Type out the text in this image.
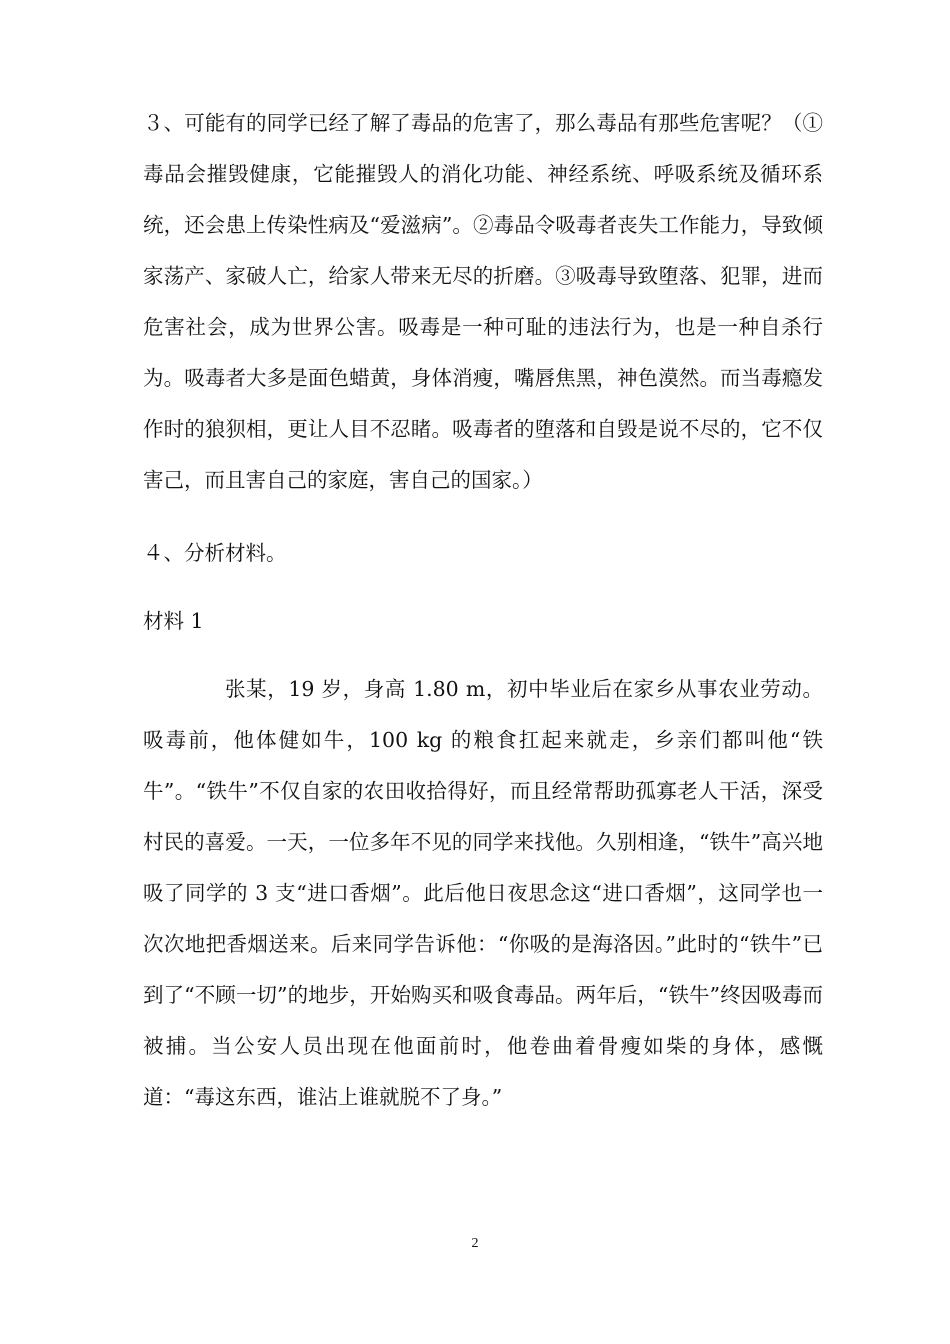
３、可能有的同学已经了解了毒品的危害了，那么毒品有那些危害呢？（①毒品会摧毁健康，它能摧毁人的消化功能、神经系统、呼吸系统及循环系统，还会患上传染性病及“爱滋病”。②毒品令吸毒者丧失工作能力，导致倾家荡产、家破人亡，给家人带来无尽的折磨。③吸毒导致堕落、犯罪，进而危害社会，成为世界公害。吸毒是一种可耻的违法行为，也是一种自杀行为。吸毒者大多是面色蜡黄，身体消瘦，嘴唇焦黑，神色漠然。而当毒瘾发作时的狼狈相，更让人目不忍睹。吸毒者的堕落和自毁是说不尽的，它不仅害己，而且害自己的家庭，害自己的国家。）

４、分析材料。

材料 1

张某，19 岁，身高 1.80 m，初中毕业后在家乡从事农业劳动。吸毒前，他体健如牛，100 kg 的粮食扛起来就走，乡亲们都叫他“铁牛”。“铁牛”不仅自家的农田收拾得好，而且经常帮助孤寡老人干活，深受村民的喜爱。一天，一位多年不见的同学来找他。久别相逢，“铁牛”高兴地吸了同学的 3 支“进口香烟”。此后他日夜思念这“进口香烟”，这同学也一次次地把香烟送来。后来同学告诉他：“你吸的是海洛因。”此时的“铁牛”已到了“不顾一切”的地步，开始购买和吸食毒品。两年后，“铁牛”终因吸毒而被捕。当公安人员出现在他面前时，他卷曲着骨瘦如柴的身体，感慨道：“毒这东西，谁沾上谁就脱不了身。”

2
